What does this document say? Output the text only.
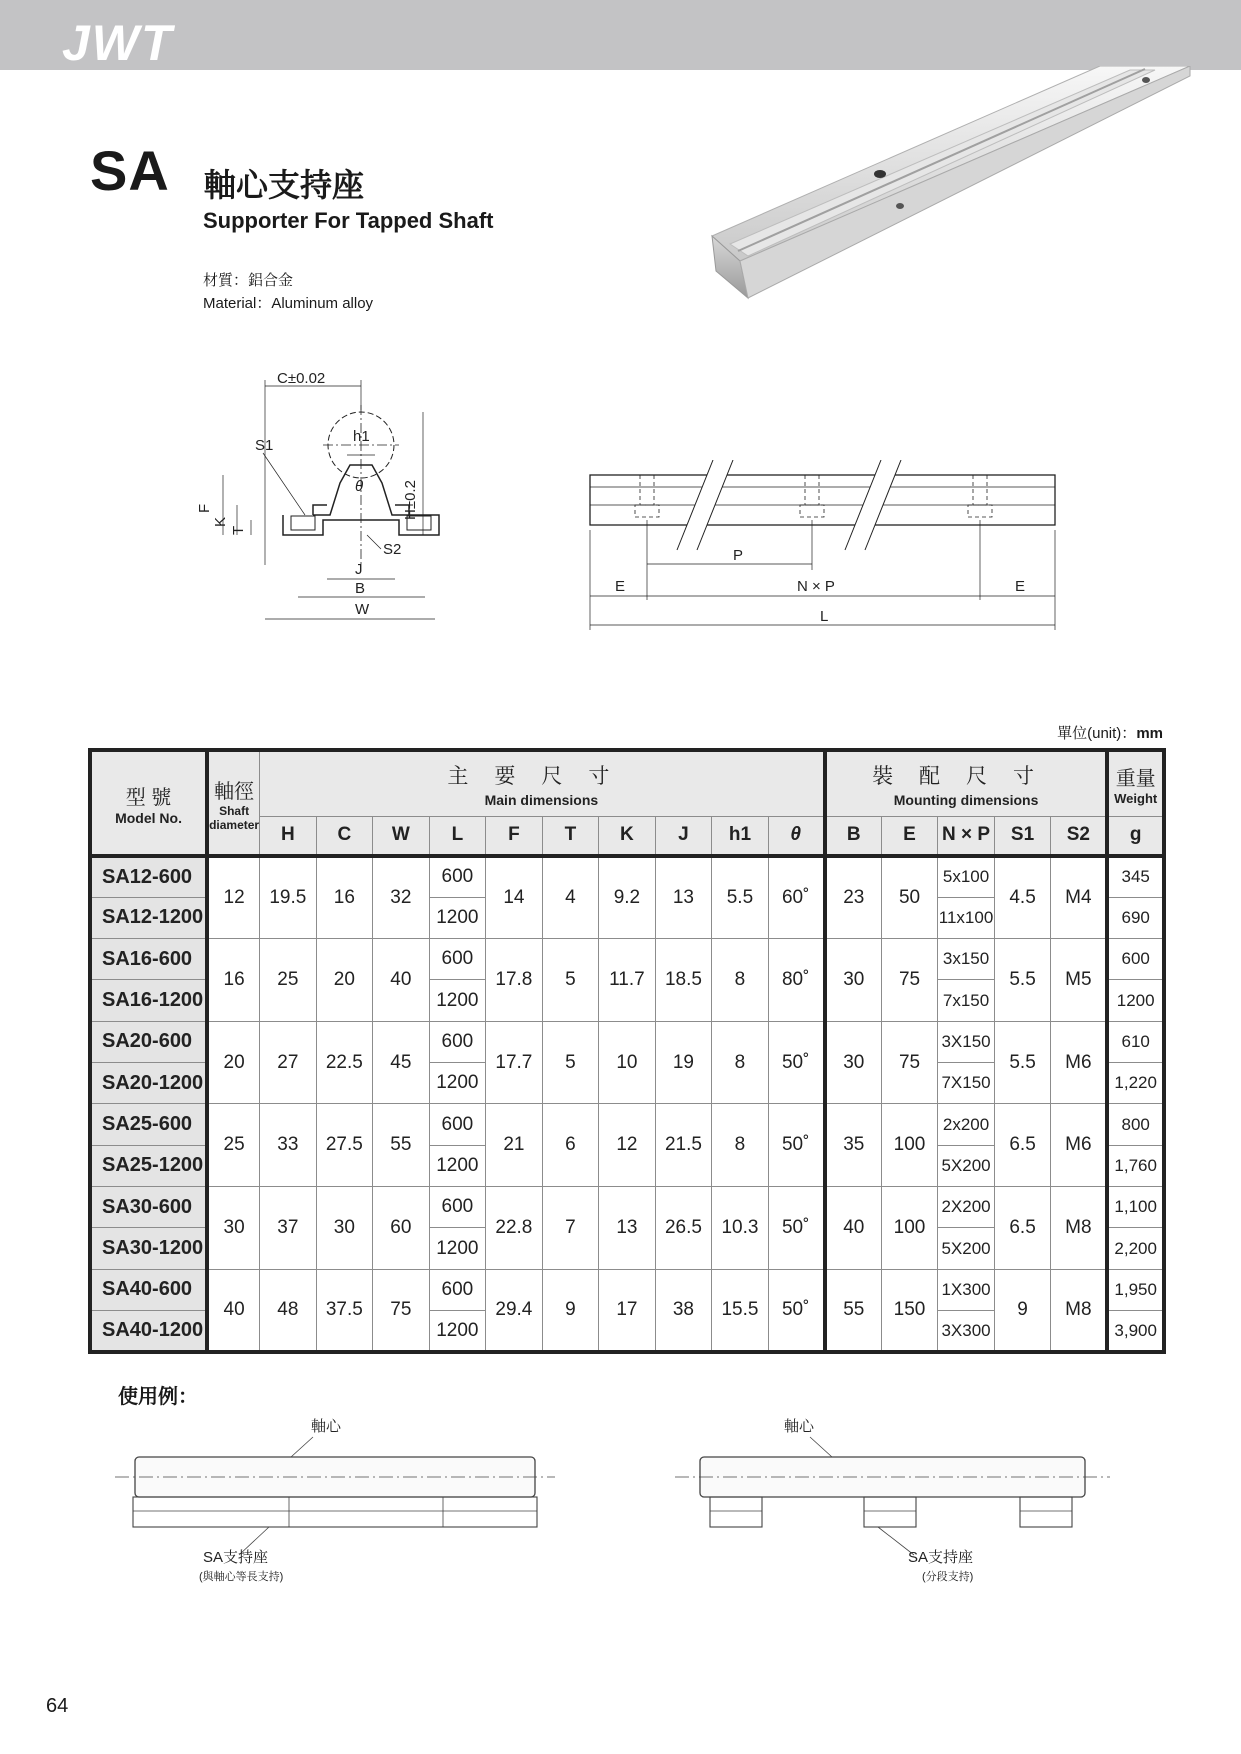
JWT
SA 軸心支持座
Supporter For Tapped Shaft
材質：鋁合金
Material：Aluminum alloy
C±0.02
h1
S1
θ
F
K
T
H±0.2
S2
J
B
W
P
E	N × P	E
L
單位(unit)：mm
型 號
Model No.	軸徑
Shaft diameter	主要尺寸
Main dimensions										裝配尺寸
Mounting dimensions					重量
Weight

		H	C	W	L	F	T	K	J	h1	θ	B	E	N × P	S1	S2	g
SA12-600	12	19.5	16	32	600	14	4	9.2	13	5.5	60˚	23	50	5x100	4.5	M4	345
SA12-1200					1200									11x100			690
SA16-600	16	25	20	40	600	17.8	5	11.7	18.5	8	80˚	30	75	3x150	5.5	M5	600
SA16-1200					1200									7x150			1200
SA20-600	20	27	22.5	45	600	17.7	5	10	19	8	50˚	30	75	3X150	5.5	M6	610
SA20-1200					1200									7X150			1,220
SA25-600	25	33	27.5	55	600	21	6	12	21.5	8	50˚	35	100	2x200	6.5	M6	800
SA25-1200					1200									5X200			1,760
SA30-600	30	37	30	60	600	22.8	7	13	26.5	10.3	50˚	40	100	2X200	6.5	M8	1,100
SA30-1200					1200									5X200			2,200
SA40-600	40	48	37.5	75	600	29.4	9	17	38	15.5	50˚	55	150	1X300	9	M8	1,950
SA40-1200					1200									3X300			3,900
使用例：
軸心
SA支持座
(與軸心等長支持)
軸心
SA支持座
(分段支持)
64
